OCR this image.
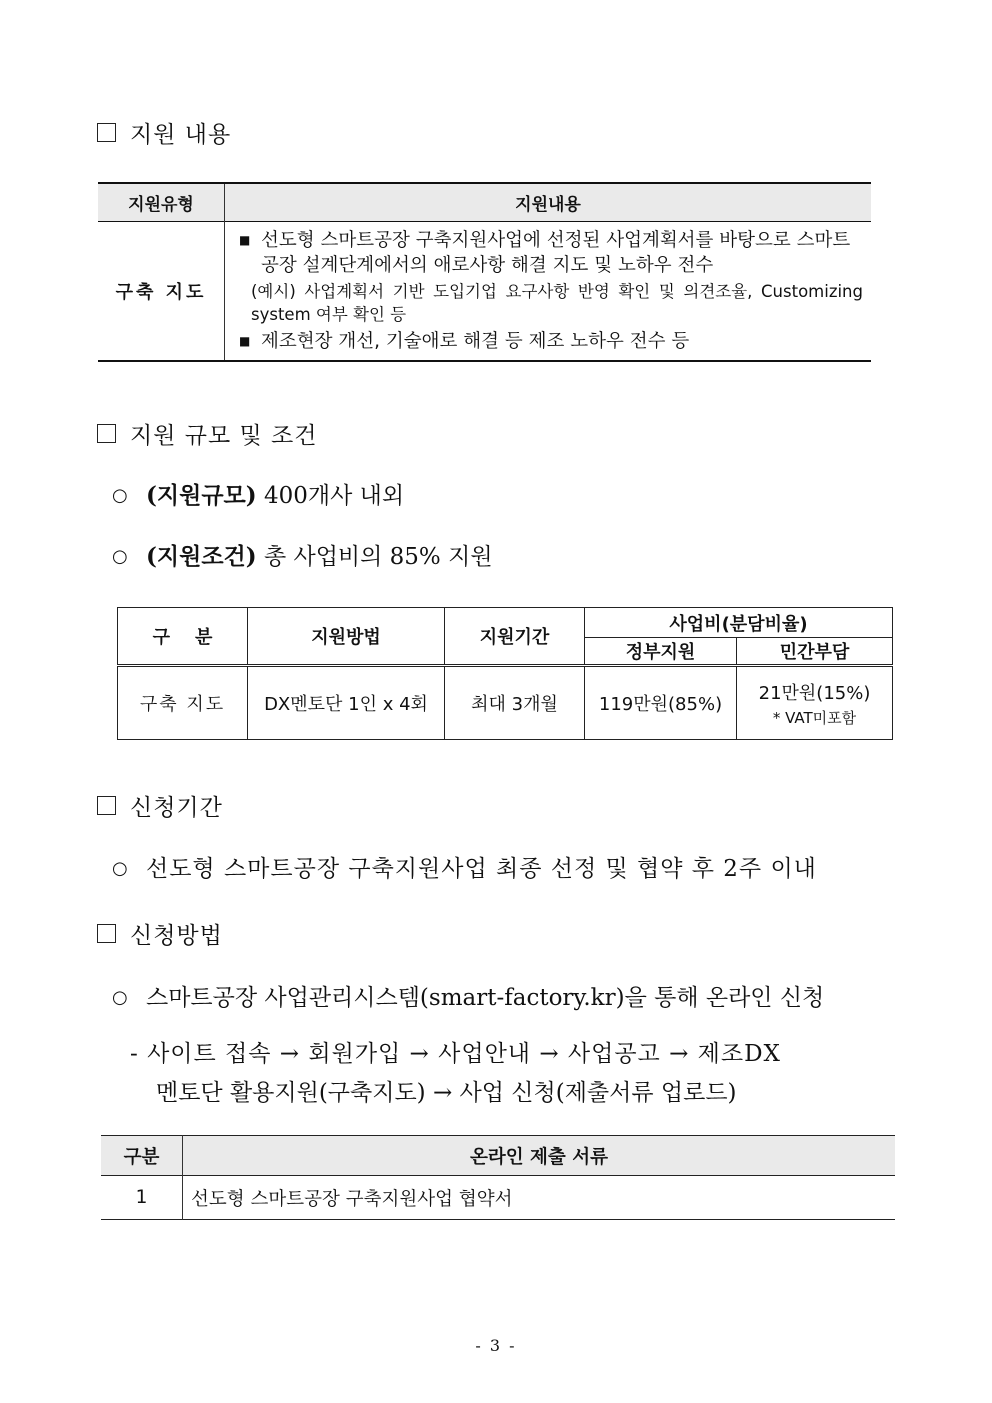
지원 내용
지원유형	지원내용
구축 지도	■ 선도형 스마트공장 구축지원사업에 선정된 사업계획서를 바탕으로 스마트공장 설계단계에서의 애로사항 해결 지도 및 노하우 전수
(예시) 사업계획서 기반 도입기업 요구사항 반영 확인 및 의견조율, Customizing system 여부 확인 등
■ 제조현장 개선, 기술애로 해결 등 제조 노하우 전수 등
지원 규모 및 조건
○ (지원규모) 400개사 내외
○ (지원조건) 총 사업비의 85% 지원
구    분	지원방법	지원기간	사업비(분담비율)	
			정부지원	민간부담
구축 지도	DX멘토단 1인 x 4회	최대 3개월	119만원(85%)	21만원(15%)
* VAT미포함
신청기간
○ 선도형 스마트공장 구축지원사업 최종 선정 및 협약 후 2주 이내
신청방법
○ 스마트공장 사업관리시스템(smart-factory.kr)을 통해 온라인 신청
- 사이트 접속 → 회원가입 → 사업안내 → 사업공고 → 제조DX
멘토단 활용지원(구축지도) → 사업 신청(제출서류 업로드)
구분	온라인 제출 서류
1	선도형 스마트공장 구축지원사업 협약서
- 3 -
